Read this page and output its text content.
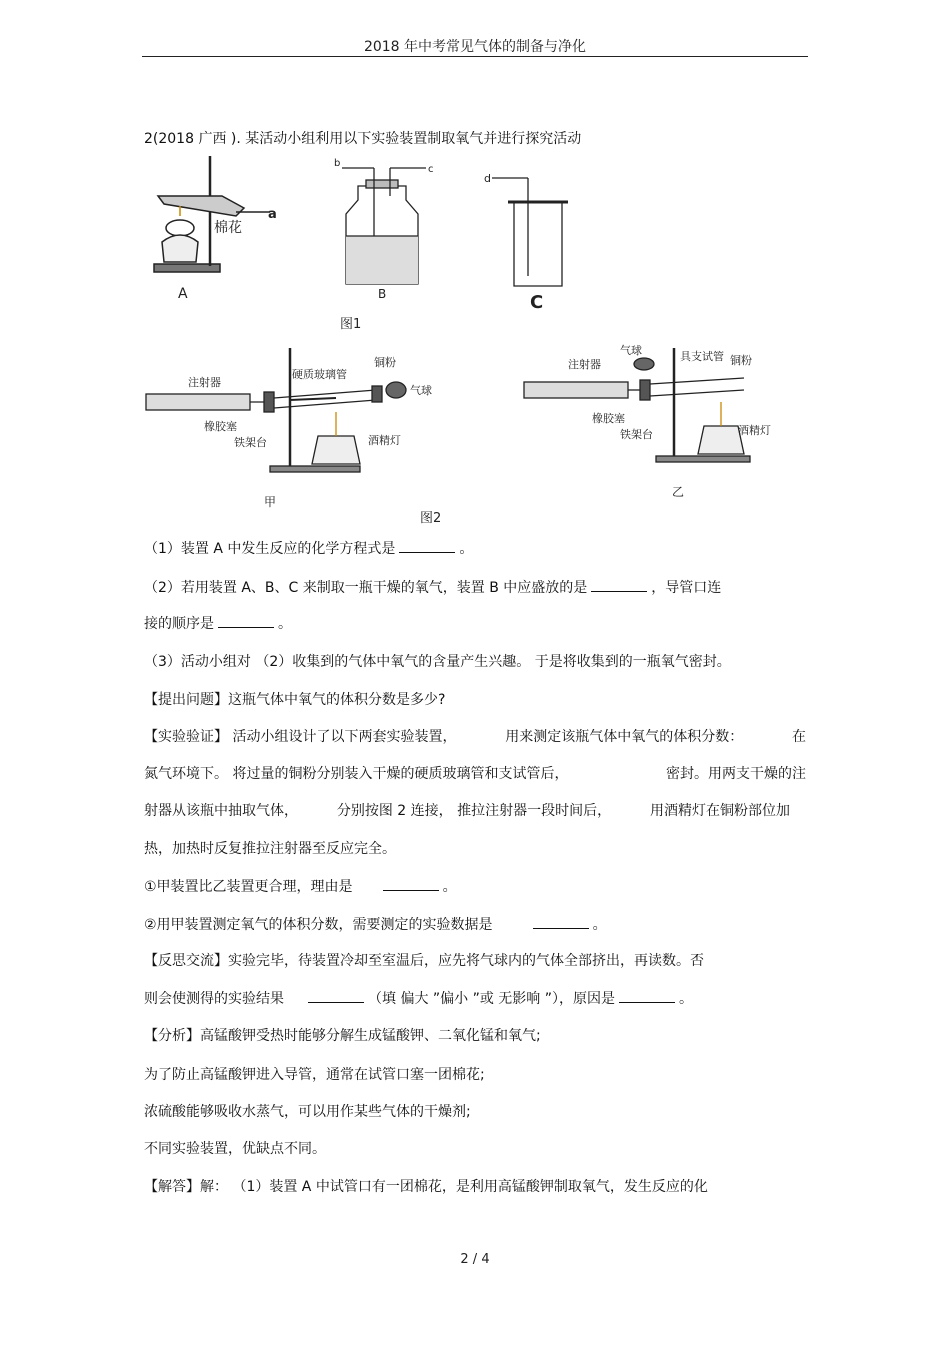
2018 年中考常见气体的制备与净化
2(2018 广西 ). 某活动小组利用以下实验装置制取氧气并进行探究活动
棉花
a
A
b
c
B
d
C
图1
注射器
硬质玻璃管
铜粉
气球
橡胶塞
铁架台	酒精灯
甲
注射器
气球	具支试管 铜粉
橡胶塞
铁架台	酒精灯
乙
图2
（1）装置 A 中发生反应的化学方程式是	。
（2）若用装置 A、B、C 来制取一瓶干燥的氧气，装置 B 中应盛放的是	，导管口连
接的顺序是	。
（3）活动小组对 （2）收集到的气体中氧气的含量产生兴趣。 于是将收集到的一瓶氧气密封。
【提出问题】这瓶气体中氧气的体积分数是多少?
【实验验证】 活动小组设计了以下两套实验装置，	用来测定该瓶气体中氧气的体积分数：	在
氮气环境下。 将过量的铜粉分别装入干燥的硬质玻璃管和支试管后，	密封。用两支干燥的注
射器从该瓶中抽取气体，	分别按图 2 连接， 推拉注射器一段时间后，	用酒精灯在铜粉部位加
热，加热时反复推拉注射器至反应完全。
①甲装置比乙装置更合理，理由是	。
②用甲装置测定氧气的体积分数，需要测定的实验数据是	。
【反思交流】实验完毕，待装置冷却至室温后，应先将气球内的气体全部挤出，再读数。否
则会使测得的实验结果	（填 偏大 ”偏小 ”或 无影响 ”），原因是	。
【分析】高锰酸钾受热时能够分解生成锰酸钾、二氧化锰和氧气;
为了防止高锰酸钾进入导管，通常在试管口塞一团棉花;
浓硫酸能够吸收水蒸气，可以用作某些气体的干燥剂;
不同实验装置，优缺点不同。
【解答】解： （1）装置 A 中试管口有一团棉花，是利用高锰酸钾制取氧气，发生反应的化
2 / 4
